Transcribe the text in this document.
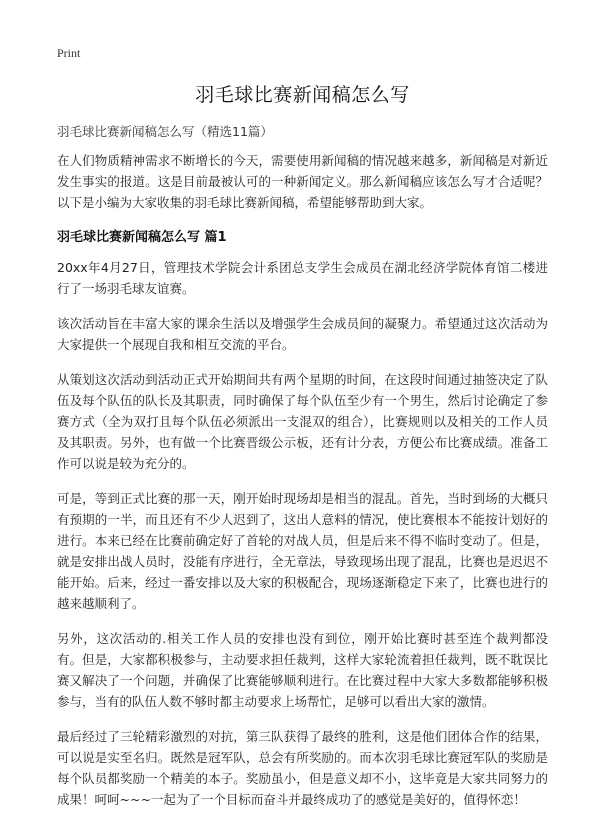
Print
羽毛球比赛新闻稿怎么写
羽毛球比赛新闻稿怎么写（精选11篇）

在人们物质精神需求不断增长的今天，需要使用新闻稿的情况越来越多，新闻稿是对新近发生事实的报道。这是目前最被认可的一种新闻定义。那么新闻稿应该怎么写才合适呢？以下是小编为大家收集的羽毛球比赛新闻稿，希望能够帮助到大家。

羽毛球比赛新闻稿怎么写 篇1

20xx年4月27日，管理技术学院会计系团总支学生会成员在湖北经济学院体育馆二楼进行了一场羽毛球友谊赛。

该次活动旨在丰富大家的课余生活以及增强学生会成员间的凝聚力。希望通过这次活动为大家提供一个展现自我和相互交流的平台。

从策划这次活动到活动正式开始期间共有两个星期的时间，在这段时间通过抽签决定了队伍及每个队伍的队长及其职责，同时确保了每个队伍至少有一个男生，然后讨论确定了参赛方式（全为双打且每个队伍必须派出一支混双的组合），比赛规则以及相关的工作人员及其职责。另外，也有做一个比赛晋级公示板，还有计分表，方便公布比赛成绩。准备工作可以说是较为充分的。

可是，等到正式比赛的那一天，刚开始时现场却是相当的混乱。首先，当时到场的大概只有预期的一半，而且还有不少人迟到了，这出人意料的情况，使比赛根本不能按计划好的进行。本来已经在比赛前确定好了首轮的对战人员，但是后来不得不临时变动了。但是，就是安排出战人员时，没能有序进行，全无章法，导致现场出现了混乱，比赛也是迟迟不能开始。后来，经过一番安排以及大家的积极配合，现场逐渐稳定下来了，比赛也进行的越来越顺利了。

另外，这次活动的.相关工作人员的安排也没有到位，刚开始比赛时甚至连个裁判都没有。但是，大家都积极参与，主动要求担任裁判，这样大家轮流着担任裁判，既不耽误比赛又解决了一个问题，并确保了比赛能够顺利进行。在比赛过程中大家大多数都能够积极参与，当有的队伍人数不够时都主动要求上场帮忙，足够可以看出大家的激情。

最后经过了三轮精彩激烈的对抗，第三队获得了最终的胜利，这是他们团体合作的结果，可以说是实至名归。既然是冠军队，总会有所奖励的。而本次羽毛球比赛冠军队的奖励是每个队员都奖励一个精美的本子。奖励虽小，但是意义却不小，这毕竟是大家共同努力的成果！呵呵~~~一起为了一个目标而奋斗并最终成功了的感觉是美好的，值得怀恋！
